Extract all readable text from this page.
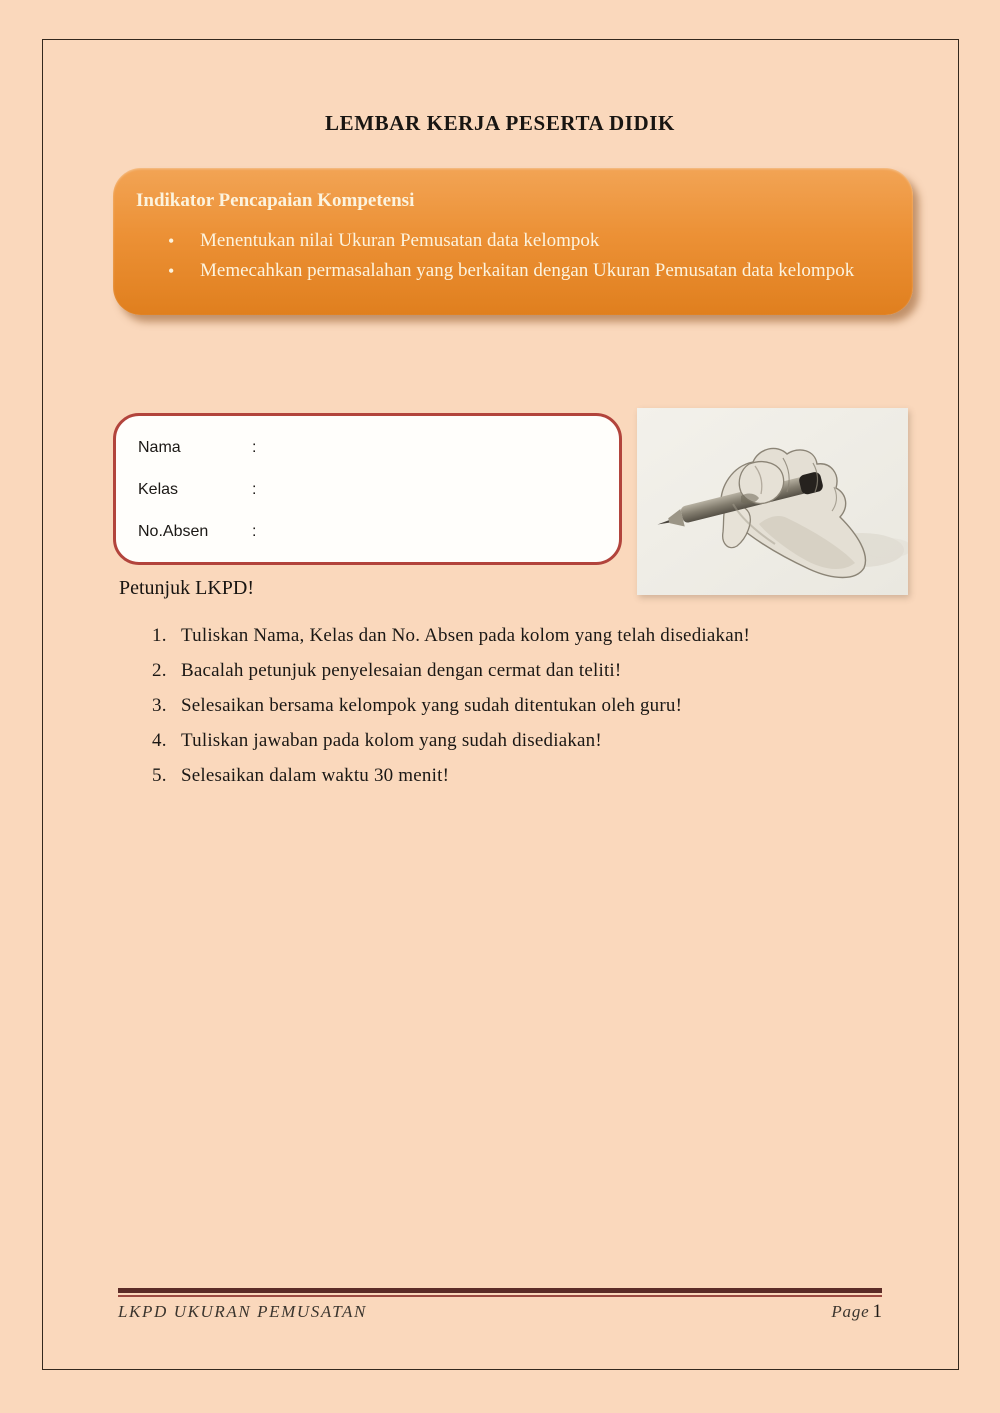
LEMBAR KERJA PESERTA DIDIK
Indikator Pencapaian Kompetensi
•	Menentukan nilai Ukuran Pemusatan data kelompok
•	Memecahkan permasalahan yang berkaitan dengan Ukuran Pemusatan data kelompok
Nama	:
Kelas	:
No.Absen	:
Petunjuk LKPD!
1. Tuliskan Nama, Kelas dan No. Absen pada kolom yang telah disediakan!
2. Bacalah petunjuk penyelesaian dengan cermat dan teliti!
3. Selesaikan bersama kelompok yang sudah ditentukan oleh guru!
4. Tuliskan jawaban pada kolom yang sudah disediakan!
5. Selesaikan dalam waktu 30 menit!
LKPD UKURAN PEMUSATAN	Page 1
